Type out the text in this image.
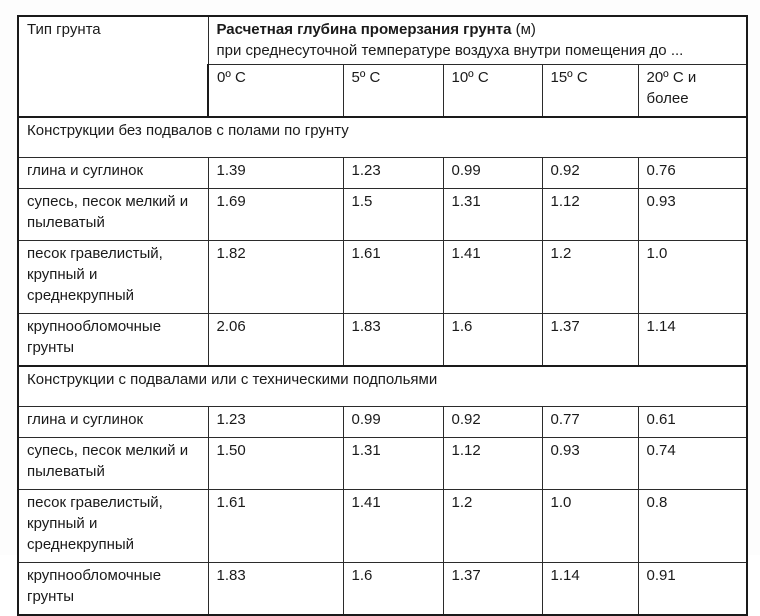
Тип грунта	Расчетная глубина промерзания грунта (м)
при среднесуточной температуре воздуха внутри помещения до ...				

	0º С	5º С	10º С	15º С	20º С и более
Конструкции без подвалов с полами по грунту					
глина и суглинок	1.39	1.23	0.99	0.92	0.76
супесь, песок мелкий и пылеватый	1.69	1.5	1.31	1.12	0.93
песок гравелистый, крупный и среднекрупный	1.82	1.61	1.41	1.2	1.0
крупнообломочные грунты	2.06	1.83	1.6	1.37	1.14
Конструкции с подвалами или с техническими подпольями					
глина и суглинок	1.23	0.99	0.92	0.77	0.61
супесь, песок мелкий и пылеватый	1.50	1.31	1.12	0.93	0.74
песок гравелистый, крупный и среднекрупный	1.61	1.41	1.2	1.0	0.8
крупнообломочные грунты	1.83	1.6	1.37	1.14	0.91
